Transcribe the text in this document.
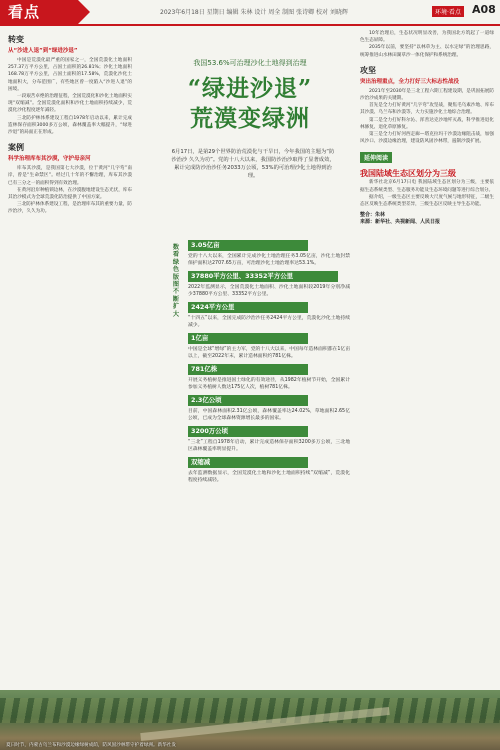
看点	2023年6月18日 星期日 编辑 朱林 设计 周全 制图 张诗卿 校对 刘晓辉	环境·看点 A08
转变
从“沙进人退”到“绿进沙退”

中国是荒漠化最严重的国家之一，全国荒漠化土地面积257.37万平方公里，占国土面积的26.81%；沙化土地面积168.78万平方公里，占国土面积的17.58%，荒漠化沙化土地面积大，分布范围广，有些地区曾一度陷入“沙进人退”的困境。

一段艰苦卓绝的治理征程，全国荒漠化和沙化土地面积实现“双缩减”。全国荒漠化面积和沙化土地面积持续减少，荒漠化沙化程度逐年减轻。

三北防护林体系建设工程自1978年启动以来，累计完成造林保存面积3000多万公顷，森林覆盖率大幅提升，“绿进沙退”的局面正在形成。

案例
科学治理库布其沙漠，守护母亲河

库布其沙漠，是我国第七大沙漠，位于黄河“几字弯”南岸，曾是“生命禁区”。经过几十年的不懈治理，库布其沙漠已有三分之一的面积得到有效治理。

在黄河沿岸种植锁边林，在沙漠腹地建设生态光伏，库布其治沙模式为全球荒漠化防治提供了中国方案。

三北防护林体系建设工程，是治理库布其的重要力量，防沙治沙，久久为功。

我国53.6%可治理沙化土地得到治理
“绿进沙退”
荒漠变绿洲
6月17日，是第29个世界防治荒漠化与干旱日，今年我国的主题为“防沙治沙 久久为功”。党的十八大以来，我国防沙治沙取得了显著成效，累计完成防沙治沙任务2033万公顷，53%的可治理沙化土地得到治理。
数
看
绿
色
版
图
不
断
扩
大
3.05亿亩
党的十八大以来，全国累计完成沙化土地治理任务3.05亿亩，沙化土地封禁保护面积达2707.65万亩，可治理沙化土地治理率达53.1%。
37880平方公里、33352平方公里
2022年监测显示，全国荒漠化土地面积、沙化土地面积较2019年分别净减少37880平方公里、33352平方公里。
2424平方公里
“十四五”以来，全国完成防沙治沙任务2424平方公里，荒漠化沙化土地持续减少。
1亿亩
中国是全球“增绿”的主力军，党的十八大以来，中国每年造林面积都在1亿亩以上，截至2022年末，累计造林面积约781亿株。
781亿株
开展义务植树是推进国土绿化的有效途径，从1982年植树节开始，全国累计参加义务植树人数达175亿人次，植树781亿株。
2.3亿公顷
目前，中国森林面积2.31亿公顷，森林覆盖率达24.02%，草地面积2.65亿公顷，已成为全球森林资源增长最多的国家。
3200万公顷
“三北”工程自1978年启动，累计完成造林保存面积3200多万公顷，三北地区森林覆盖率明显提升。
双缩减
去年监测数据显示，全国荒漠化土地和沙化土地面积持续“双缩减”，荒漠化程度持续减轻。

10年治理后，生态状况明显改善，为我国北方筑起了一道绿色生态屏障。

2035年以前，要坚持“以林草为主、以水定绿”的治理思路，统筹推进山水林田湖草沙一体化保护和系统治理。

攻坚
突出治理重点，全力打好三大标志性战役

2021年至2030年是三北工程六期工程建设期，是巩固拓展防沙治沙成果的关键期。

首先是全力打好黄河“几字弯”攻坚战，聚焦毛乌素沙地、库布其沙漠、乌兰布和沙漠等，大力实施沙化土地综合治理。

第二是全力打好科尔沁、浑善达克沙地歼灭战，科学推进退化林修复、退化草原修复。

第三是全力打好河西走廊—塔克拉玛干沙漠边缘阻击战，加强风沙口、沙漠边缘治理，建设防风固沙林带，遏制沙漠扩展。

延伸阅读
我国陆域生态区划分为三级

新华社北京6月17日电 我国陆域生态区划分为三级，主要依据生态系统类型、生态服务功能及生态环境问题等进行综合划分。

据介绍，一级生态区主要反映大尺度气候与地形特征，二级生态区反映生态系统类型差异，三级生态区反映主导生态功能。

整合：朱林
来源：新华社、央视新闻、人民日报
夏日时节，内蒙古乌兰布和沙漠边缘绿树成荫，防风固沙林带守护着绿洲。新华社发
